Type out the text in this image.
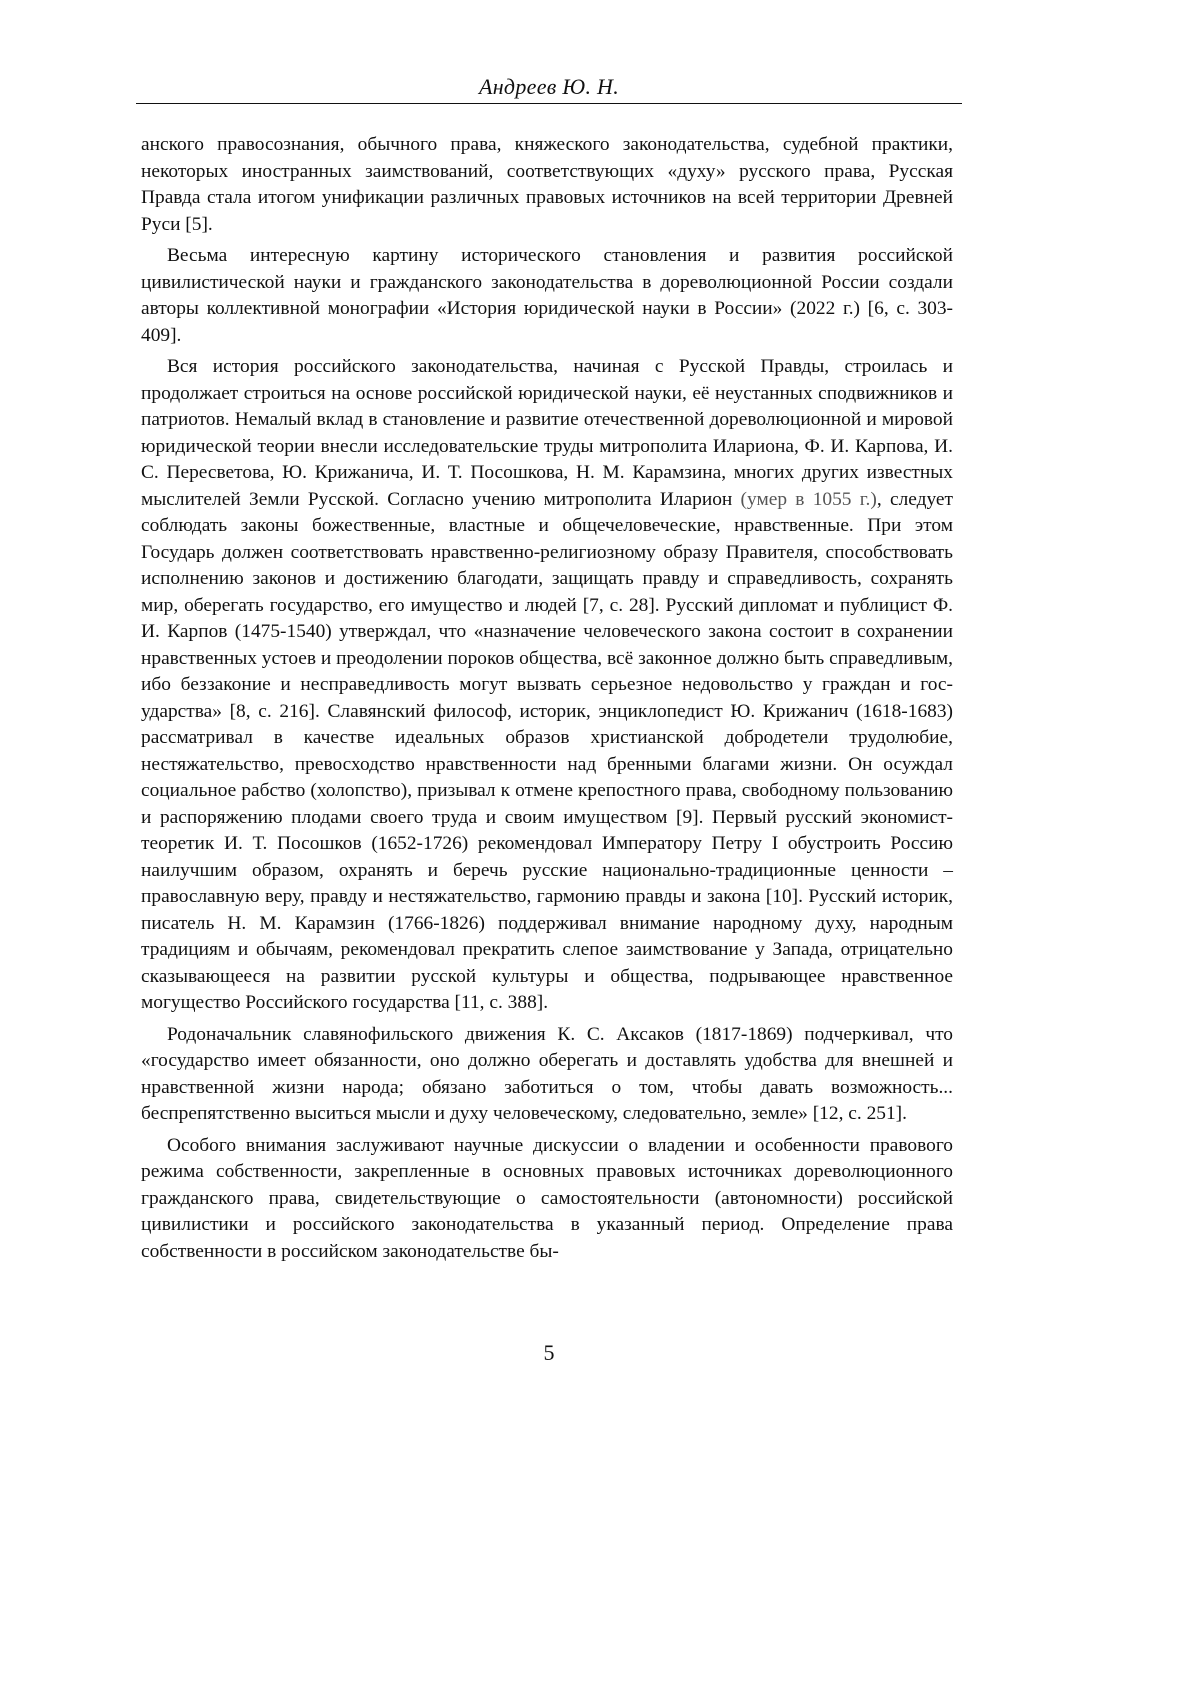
Андреев Ю. Н.

анского правосознания, обычного права, княжеского законодательства, судебной практики, некоторых иностранных заимствований, соответствующих «духу» рус­ского права, Русская Правда стала итогом унификации различных правовых источ­ников на всей территории Древней Руси [5].

Весьма интересную картину исторического становления и развития российской цивилистической науки и гражданского законодательства в дореволюционной Рос­сии создали авторы коллективной монографии «История юридической науки в Рос­сии» (2022 г.) [6, с. 303-409].

Вся история российского законодательства, начиная с Русской Правды, строи­лась и продолжает строиться на основе российской юридической науки, её неустан­ных сподвижников и патриотов. Немалый вклад в становление и развитие отече­ственной дореволюционной и мировой юридической теории внесли исследователь­ские труды митрополита Илариона, Ф. И. Карпова, И. С. Пересветова, Ю. Крижани­ча, И. Т. Посошкова, Н. М. Карамзина, многих других известных мыслителей Земли Русской. Согласно учению митрополита Иларион (умер в 1055 г.), следует соблю­дать законы божественные, властные и общечеловеческие, нравственные. При этом Государь должен соответствовать нравственно-религиозному образу Правителя, способствовать исполнению законов и достижению благодати, защищать правду и справедливость, сохранять мир, оберегать государство, его имущество и людей [7, с. 28]. Русский дипломат и публицист Ф. И. Карпов (1475-1540) утверждал, что «назначение человеческого закона состоит в сохранении нравственных устоев и преодолении пороков общества, всё законное должно быть справедливым, ибо без­законие и несправедливость могут вызвать серьезное недовольство у граждан и гос­ударства» [8, с. 216]. Славянский философ, историк, энциклопедист Ю. Крижанич (1618-1683) рассматривал в качестве идеальных образов христианской добродетели трудолюбие, нестяжательство, превосходство нравственности над бренными блага­ми жизни. Он осуждал социальное рабство (холопство), призывал к отмене кре­постного права, свободному пользованию и распоряжению плодами своего труда и своим имуществом [9]. Первый русский экономист-теоретик И. Т. Посошков (1652-1726) рекомендовал Императору Петру I обустроить Россию наилучшим образом, охранять и беречь русские национально-традиционные ценности – православную веру, правду и нестяжательство, гармонию правды и закона [10]. Русский историк, писатель Н. М. Карамзин (1766-1826) поддерживал внимание народному духу, народным традициям и обычаям, рекомендовал прекратить слепое заимствование у Запада, отрицательно сказывающееся на развитии русской культуры и общества, подрывающее нравственное могущество Российского государства [11, с. 388].

Родоначальник славянофильского движения К. С. Аксаков (1817-1869) подчер­кивал, что «государство имеет обязанности, оно должно оберегать и доставлять удобства для внешней и нравственной жизни народа; обязано заботиться о том, что­бы давать возможность... беспрепятственно выситься мысли и духу человеческому, следовательно, земле» [12, с. 251].

Особого внимания заслуживают научные дискуссии о владении и особенности правового режима собственности, закрепленные в основных правовых источниках дореволюционного гражданского права, свидетельствующие о самостоятельности (автономности) российской цивилистики и российского законодательства в указан­ный период. Определение права собственности в российском законодательстве бы-

5
